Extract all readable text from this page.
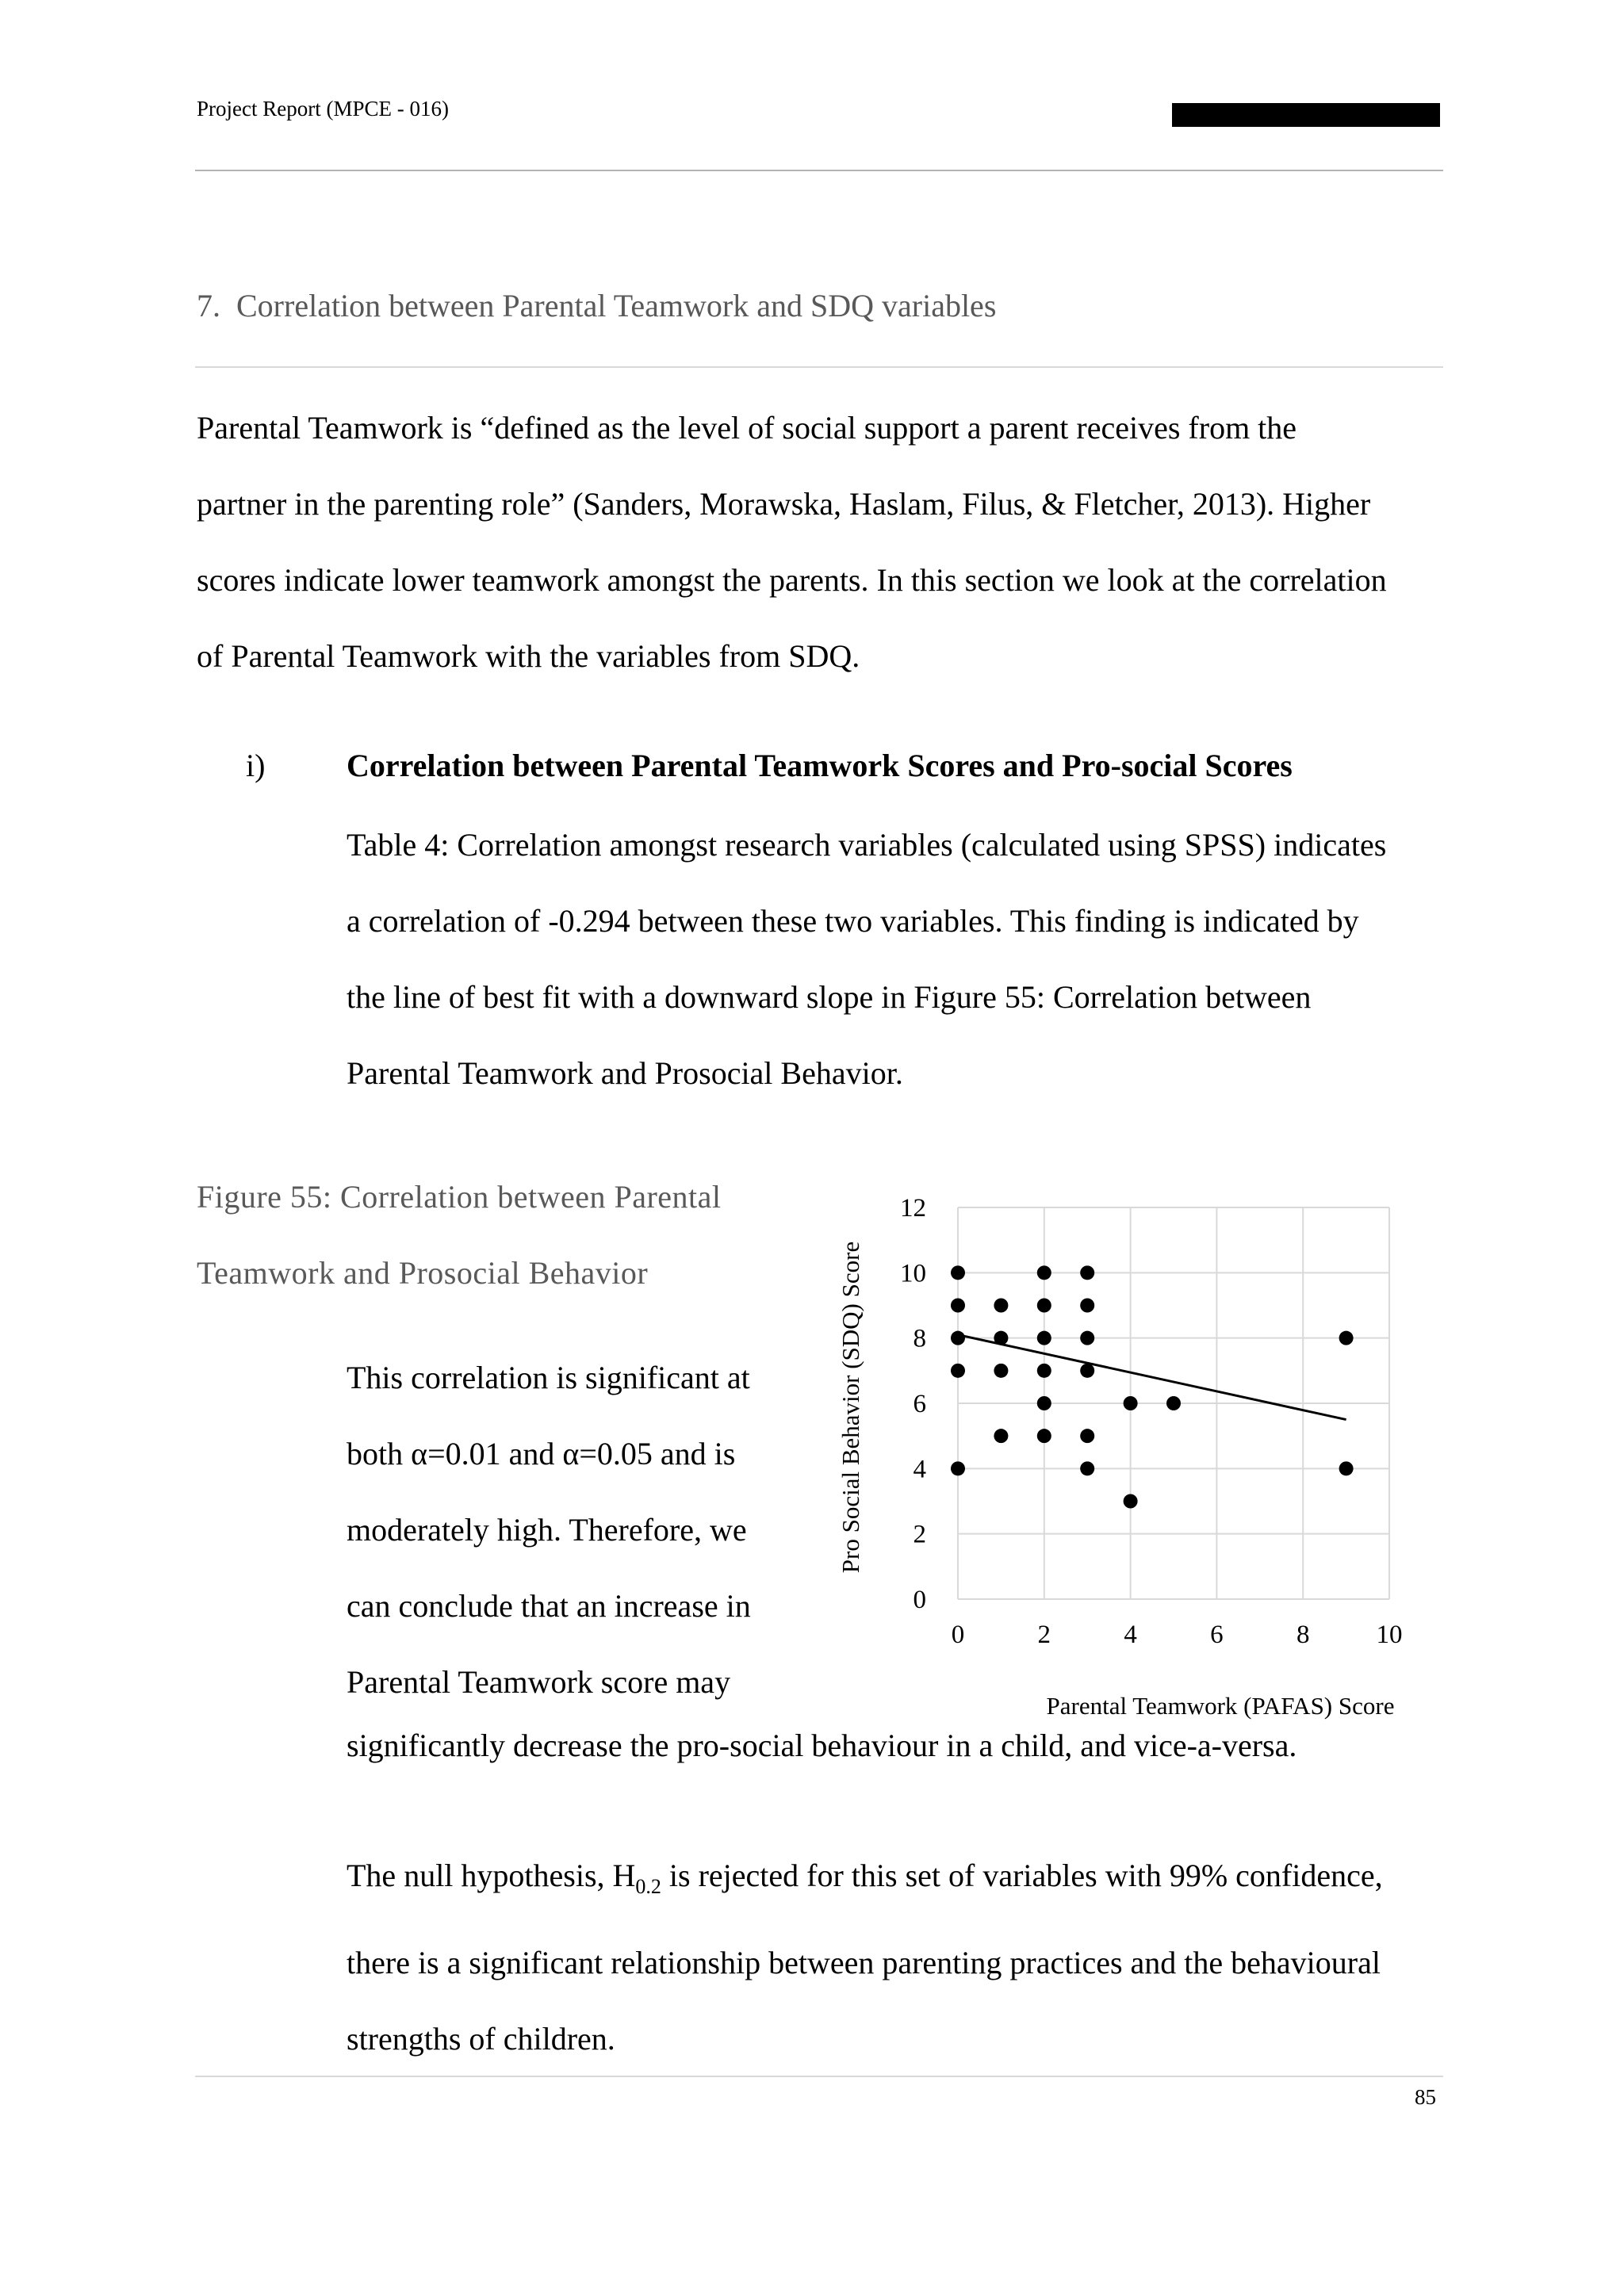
Project Report (MPCE - 016)
7. Correlation between Parental Teamwork and SDQ variables

Parental Teamwork is “defined as the level of social support a parent receives from the
partner in the parenting role” (Sanders, Morawska, Haslam, Filus, & Fletcher, 2013). Higher
scores indicate lower teamwork amongst the parents. In this section we look at the correlation
of Parental Teamwork with the variables from SDQ.

i)	Correlation between Parental Teamwork Scores and Pro-social Scores

Table 4: Correlation amongst research variables (calculated using SPSS) indicates
a correlation of -0.294 between these two variables. This finding is indicated by
the line of best fit with a downward slope in Figure 55: Correlation between
Parental Teamwork and Prosocial Behavior.

Figure 55: Correlation between Parental
Teamwork and Prosocial Behavior

This correlation is significant at
both α=0.01 and α=0.05 and is
moderately high. Therefore, we
can conclude that an increase in
Parental Teamwork score may

significantly decrease the pro-social behaviour in a child, and vice-a-versa.
0
2
4
6
8
10
12
0	2	4	6	8	10
Pro Social Behavior (SDQ) Score
Parental Teamwork (PAFAS) Score

The null hypothesis, $H_{0.2}$ is rejected for this set of variables with 99% confidence,
there is a significant relationship between parenting practices and the behavioural
strengths of children.

85
